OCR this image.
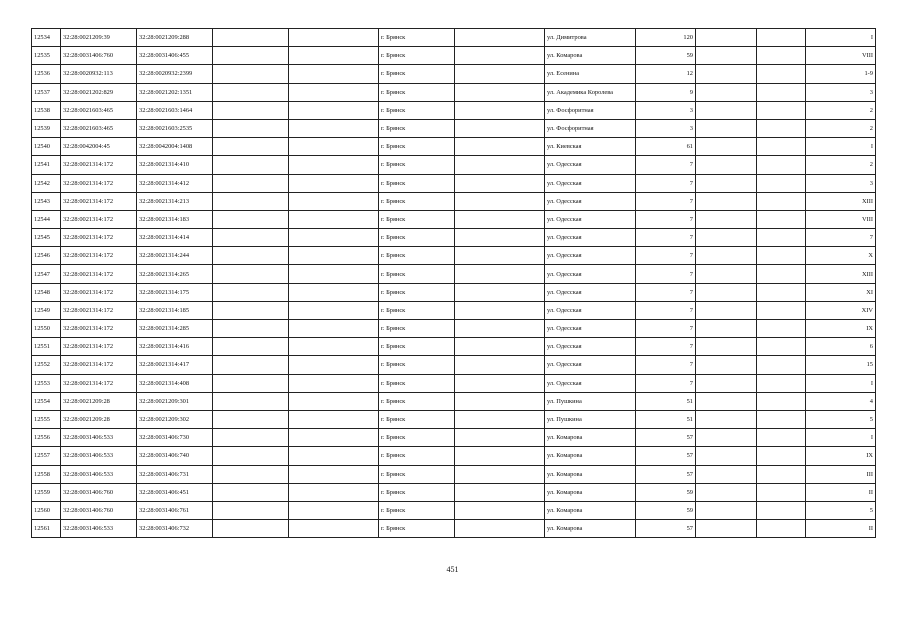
12534	32:28:0021209:39	32:28:0021209:288			г. Брянск		ул. Димитрова	120			I
12535	32:28:0031406:760	32:28:0031406:455			г. Брянск		ул. Комарова	59			VIII
12536	32:28:0020932:113	32:28:0020932:2399			г. Брянск		ул. Есенина	12			1-9
12537	32:28:0021202:829	32:28:0021202:1351			г. Брянск		ул. Академика Королева	9			3
12538	32:28:0021603:465	32:28:0021603:1464			г. Брянск		ул. Фосфоритная	3			2
12539	32:28:0021603:465	32:28:0021603:2535			г. Брянск		ул. Фосфоритная	3			2
12540	32:28:0042004:45	32:28:0042004:1408			г. Брянск		ул. Киевская	61			I
12541	32:28:0021314:172	32:28:0021314:410			г. Брянск		ул. Одесская	7			2
12542	32:28:0021314:172	32:28:0021314:412			г. Брянск		ул. Одесская	7			3
12543	32:28:0021314:172	32:28:0021314:213			г. Брянск		ул. Одесская	7			XIII
12544	32:28:0021314:172	32:28:0021314:183			г. Брянск		ул. Одесская	7			VIII
12545	32:28:0021314:172	32:28:0021314:414			г. Брянск		ул. Одесская	7			7
12546	32:28:0021314:172	32:28:0021314:244			г. Брянск		ул. Одесская	7			X
12547	32:28:0021314:172	32:28:0021314:265			г. Брянск		ул. Одесская	7			XIII
12548	32:28:0021314:172	32:28:0021314:175			г. Брянск		ул. Одесская	7			XI
12549	32:28:0021314:172	32:28:0021314:185			г. Брянск		ул. Одесская	7			XIV
12550	32:28:0021314:172	32:28:0021314:285			г. Брянск		ул. Одесская	7			IX
12551	32:28:0021314:172	32:28:0021314:416			г. Брянск		ул. Одесская	7			6
12552	32:28:0021314:172	32:28:0021314:417			г. Брянск		ул. Одесская	7			15
12553	32:28:0021314:172	32:28:0021314:408			г. Брянск		ул. Одесская	7			I
12554	32:28:0021209:28	32:28:0021209:301			г. Брянск		ул. Пушкина	51			4
12555	32:28:0021209:28	32:28:0021209:302			г. Брянск		ул. Пушкина	51			5
12556	32:28:0031406:533	32:28:0031406:730			г. Брянск		ул. Комарова	57			I
12557	32:28:0031406:533	32:28:0031406:740			г. Брянск		ул. Комарова	57			IX
12558	32:28:0031406:533	32:28:0031406:731			г. Брянск		ул. Комарова	57			III
12559	32:28:0031406:760	32:28:0031406:451			г. Брянск		ул. Комарова	59			II
12560	32:28:0031406:760	32:28:0031406:761			г. Брянск		ул. Комарова	59			5
12561	32:28:0031406:533	32:28:0031406:732			г. Брянск		ул. Комарова	57			II
451
